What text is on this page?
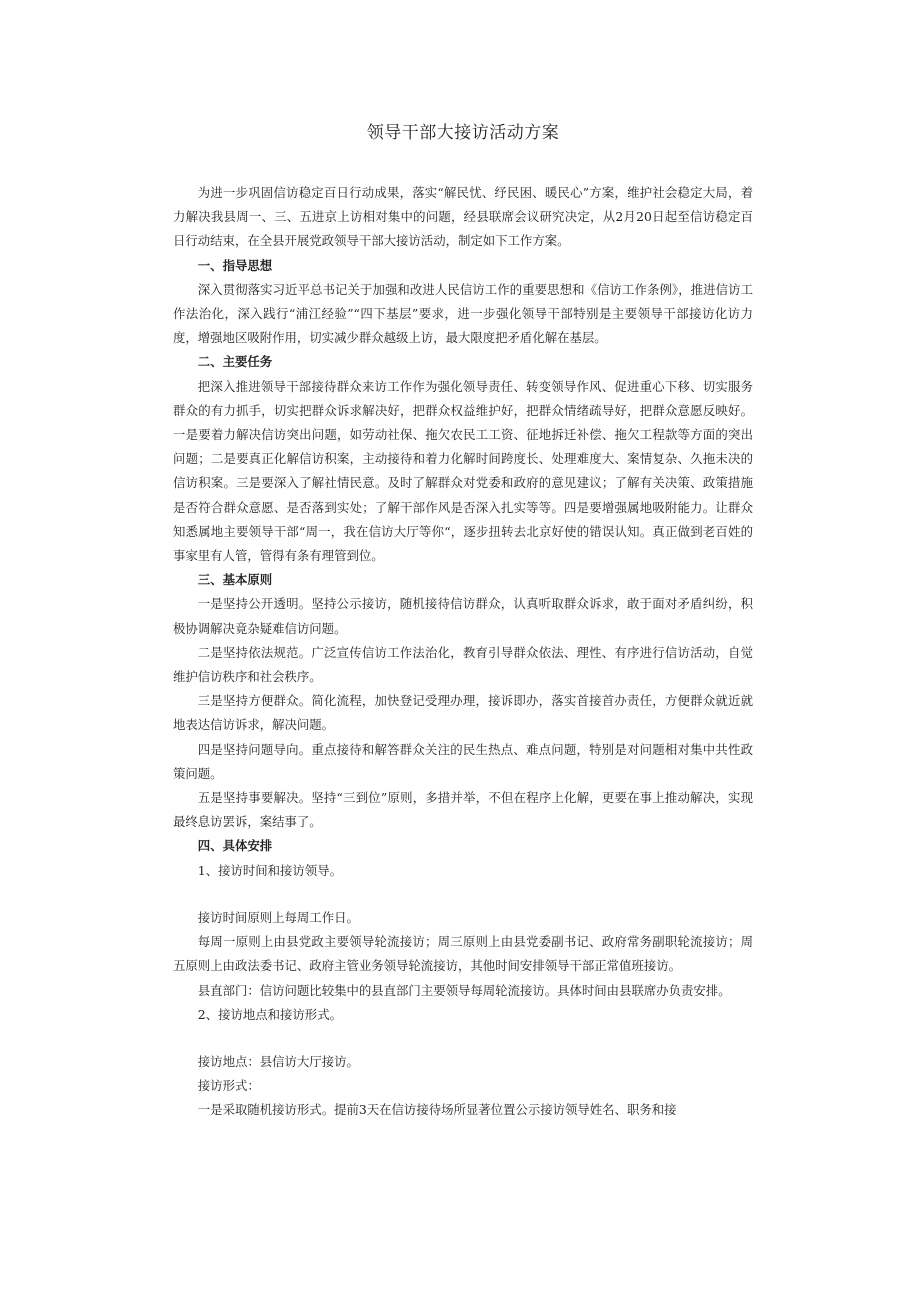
领导干部大接访活动方案

为进一步巩固信访稳定百日行动成果，落实“解民忧、纾民困、暖民心”方案，维护社会稳定大局，着力解决我县周一、三、五进京上访相对集中的问题，经县联席会议研究决定，从2月20日起至信访稳定百日行动结束，在全县开展党政领导干部大接访活动，制定如下工作方案。

一、指导思想

深入贯彻落实习近平总书记关于加强和改进人民信访工作的重要思想和《信访工作条例》，推进信访工作法治化，深入践行“浦江经验”“四下基层”要求，进一步强化领导干部特别是主要领导干部接访化访力度，增强地区吸附作用，切实减少群众越级上访，最大限度把矛盾化解在基层。

二、主要任务

把深入推进领导干部接待群众来访工作作为强化领导责任、转变领导作风、促进重心下移、切实服务群众的有力抓手，切实把群众诉求解决好，把群众权益维护好，把群众情绪疏导好，把群众意愿反映好。一是要着力解决信访突出问题，如劳动社保、拖欠农民工工资、征地拆迁补偿、拖欠工程款等方面的突出问题；二是要真正化解信访积案，主动接待和着力化解时间跨度长、处理难度大、案情复杂、久拖未决的信访积案。三是要深入了解社情民意。及时了解群众对党委和政府的意见建议；了解有关决策、政策措施是否符合群众意愿、是否落到实处；了解干部作风是否深入扎实等等。四是要增强属地吸附能力。让群众知悉属地主要领导干部“周一，我在信访大厅等你“，逐步扭转去北京好使的错误认知。真正做到老百姓的事家里有人管，管得有条有理管到位。

三、基本原则

一是坚持公开透明。坚持公示接访，随机接待信访群众，认真听取群众诉求，敢于面对矛盾纠纷，积极协调解决竟杂疑难信访问题。

二是坚持依法规范。广泛宣传信访工作法治化，教育引导群众依法、理性、有序进行信访活动，自觉维护信访秩序和社会秩序。

三是坚持方便群众。简化流程，加快登记受理办理，接诉即办，落实首接首办责任，方便群众就近就地表达信访诉求，解决问题。

四是坚持问题导向。重点接待和解答群众关注的民生热点、难点问题，特别是对问题相对集中共性政策问题。

五是坚持事要解决。坚持“三到位”原则，多措并举，不但在程序上化解，更要在事上推动解决，实现最终息访罢诉，案结事了。

四、具体安排

1、接访时间和接访领导。

接访时间原则上每周工作日。

每周一原则上由县党政主要领导轮流接访；周三原则上由县党委副书记、政府常务副职轮流接访；周五原则上由政法委书记、政府主管业务领导轮流接访，其他时间安排领导干部正常值班接访。

县直部门：信访问题比较集中的县直部门主要领导每周轮流接访。具体时间由县联席办负责安排。

2、接访地点和接访形式。

接访地点：县信访大厅接访。

接访形式：

一是采取随机接访形式。提前3天在信访接待场所显著位置公示接访领导姓名、职务和接
